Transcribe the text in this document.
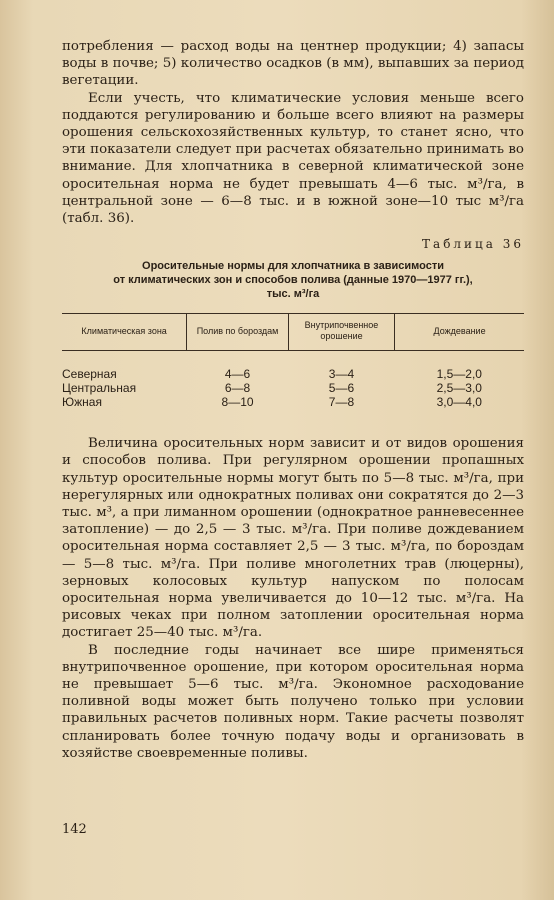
потребления — расход воды на центнер продукции; 4) запасы воды в почве; 5) количество осадков (в мм), выпавших за период вегетации.

Если учесть, что климатические условия меньше всего поддаются регулированию и больше всего влияют на размеры орошения сельскохозяйственных культур, то станет ясно, что эти показатели следует при расчетах обязательно принимать во внимание. Для хлопчатника в северной климатической зоне оросительная норма не будет превышать 4—6 тыс. м³/га, в центральной зоне — 6—8 тыс. и в южной зоне—10 тыс м³/га (табл. 36).

Таблица 36
Оросительные нормы для хлопчатника в зависимости
от климатических зон и способов полива (данные 1970—1977 гг.),
тыс. м³/га
Климатическая зона	Полив по бороздам	Внутрипочвенное орошение	Дождевание
Северная	4—6	3—4	1,5—2,0
Центральная	6—8	5—6	2,5—3,0
Южная	8—10	7—8	3,0—4,0

Величина оросительных норм зависит и от видов орошения и способов полива. При регулярном орошении пропашных культур оросительные нормы могут быть по 5—8 тыс. м³/га, при нерегулярных или однократных поливах они сократятся до 2—3 тыс. м³, а при лиманном орошении (однократное ранневесеннее затопление) — до 2,5 — 3 тыс. м³/га. При поливе дождеванием оросительная норма составляет 2,5 — 3 тыс. м³/га, по бороздам — 5—8 тыс. м³/га. При поливе многолетних трав (люцерны), зерновых колосовых культур напуском по полосам оросительная норма увеличивается до 10—12 тыс. м³/га. На рисовых чеках при полном затоплении оросительная норма достигает 25—40 тыс. м³/га.

В последние годы начинает все шире применяться внутрипочвенное орошение, при котором оросительная норма не превышает 5—6 тыс. м³/га. Экономное расходование поливной воды может быть получено только при условии правильных расчетов поливных норм. Такие расчеты позволят спланировать более точную подачу воды и организовать в хозяйстве своевременные поливы.

142
